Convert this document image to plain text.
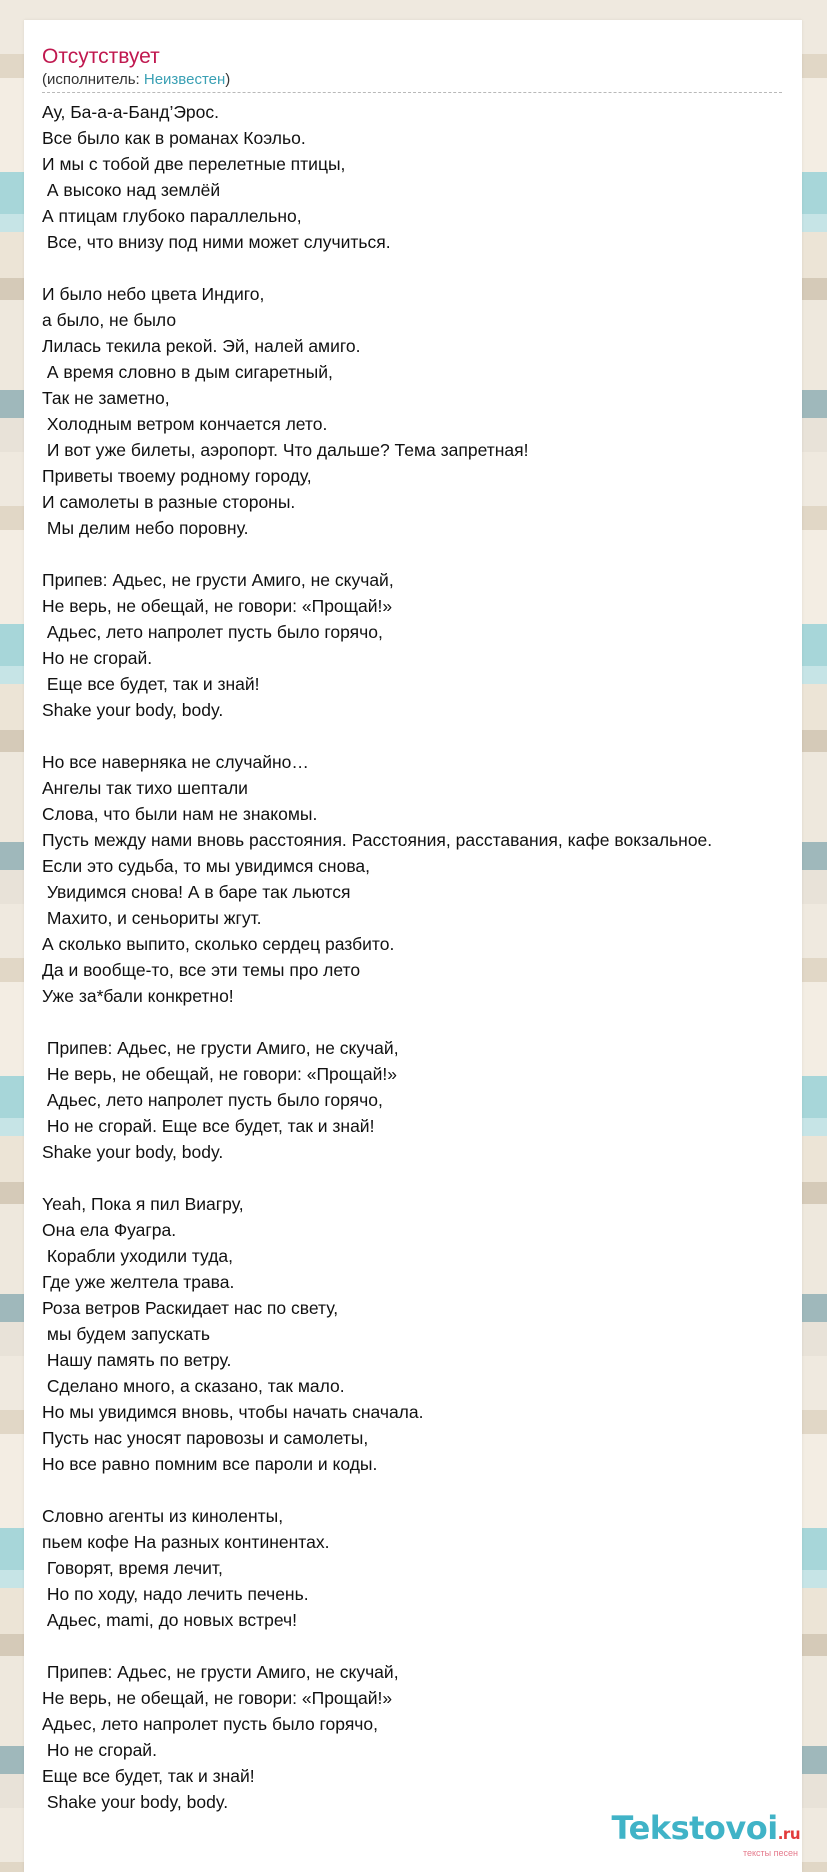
Отсутствует

(исполнитель: Неизвестен)

Ау, Ба-а-а-Банд’Эрос.
Все было как в романах Коэльо.
И мы с тобой две перелетные птицы,
А высоко над землёй
А птицам глубоко параллельно,
Все, что внизу под ними может случиться.
И было небо цвета Индиго,
а было, не было
Лилась текила рекой. Эй, налей амиго.
А время словно в дым сигаретный,
Так не заметно,
Холодным ветром кончается лето.
И вот уже билеты, аэропорт. Что дальше? Тема запретная!
Приветы твоему родному городу,
И самолеты в разные стороны.
Мы делим небо поровну.
Припев: Адьес, не грусти Амиго, не скучай,
Не верь, не обещай, не говори: «Прощай!»
Адьес, лето напролет пусть было горячо,
Но не сгорай.
Еще все будет, так и знай!
Shake your body, body.
Но все наверняка не случайно…
Ангелы так тихо шептали
Слова, что были нам не знакомы.
Пусть между нами вновь расстояния. Расстояния, расставания, кафе вокзальное.
Если это судьба, то мы увидимся снова,
Увидимся снова! А в баре так льются
Махито, и сеньориты жгут.
А сколько выпито, сколько сердец разбито.
Да и вообще-то, все эти темы про лето
Уже за*бали конкретно!
Припев: Адьес, не грусти Амиго, не скучай,
Не верь, не обещай, не говори: «Прощай!»
Адьес, лето напролет пусть было горячо,
Но не сгорай. Еще все будет, так и знай!
Shake your body, body.
Yeah, Пока я пил Виагру,
Она ела Фуагра.
Корабли уходили туда,
Где уже желтела трава.
Роза ветров Раскидает нас по свету,
мы будем запускать
Нашу память по ветру.
Сделано много, а сказано, так мало.
Но мы увидимся вновь, чтобы начать сначала.
Пусть нас уносят паровозы и самолеты,
Но все равно помним все пароли и коды.
Словно агенты из киноленты,
пьем кофе На разных континентах.
Говорят, время лечит,
Но по ходу, надо лечить печень.
Адьес, mami, до новых встреч!
Припев: Адьес, не грусти Амиго, не скучай,
Не верь, не обещай, не говори: «Прощай!»
Адьес, лето напролет пусть было горячо,
Но не сгорай.
Еще все будет, так и знай!
Shake your body, body.
Tekstovoi.ru
тексты песен
